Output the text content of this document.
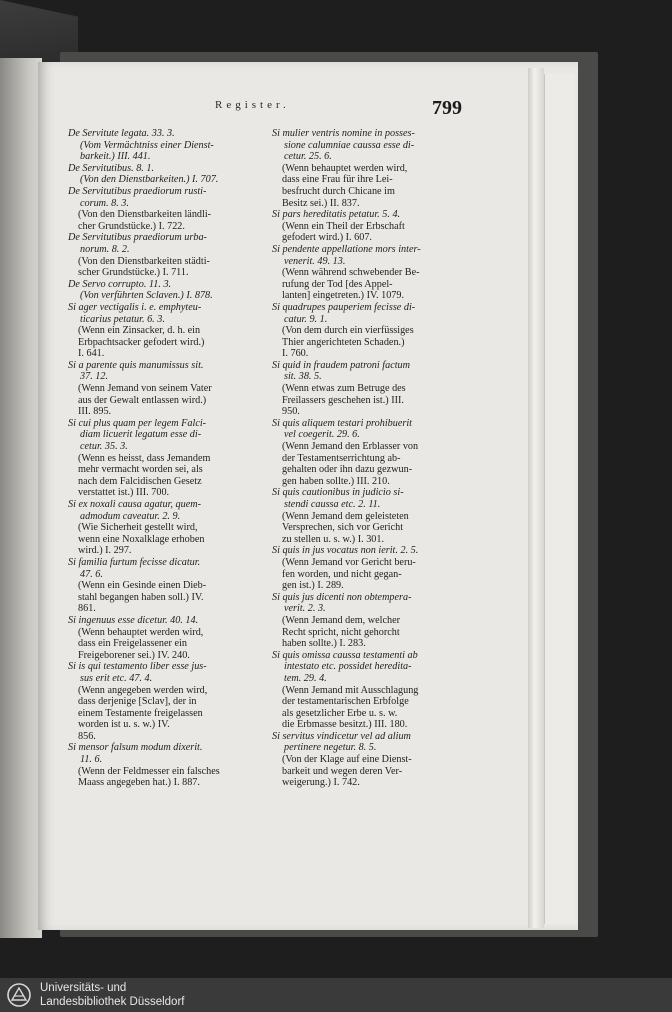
Register.	799
De Servitute legata. 33. 3.
(Vom Vermächtniss einer Dienst-
barkeit.) III. 441.
De Servitutibus. 8. 1.
(Von den Dienstbarkeiten.) I. 707.
De Servitutibus praediorum rusti-
corum. 8. 3.
(Von den Dienstbarkeiten ländli-
cher Grundstücke.) I. 722.
De Servitutibus praediorum urba-
norum. 8. 2.
(Von den Dienstbarkeiten städti-
scher Grundstücke.) I. 711.
De Servo corrupto. 11. 3.
(Von verführten Sclaven.) I. 878.
Si ager vectigalis i. e. emphyteu-
ticarius petatur. 6. 3.
(Wenn ein Zinsacker, d. h. ein
Erbpachtsacker gefodert wird.)
I. 641.
Si a parente quis manumissus sit.
37. 12.
(Wenn Jemand von seinem Vater
aus der Gewalt entlassen wird.)
III. 895.
Si cui plus quam per legem Falci-
diam licuerit legatum esse di-
cetur. 35. 3.
(Wenn es heisst, dass Jemandem
mehr vermacht worden sei, als
nach dem Falcidischen Gesetz
verstattet ist.) III. 700.
Si ex noxali causa agatur, quem-
admodum caveatur. 2. 9.
(Wie Sicherheit gestellt wird,
wenn eine Noxalklage erhoben
wird.) I. 297.
Si familia furtum fecisse dicatur.
47. 6.
(Wenn ein Gesinde einen Dieb-
stahl begangen haben soll.) IV.
861.
Si ingenuus esse dicetur. 40. 14.
(Wenn behauptet werden wird,
dass ein Freigelassener ein
Freigeborener sei.) IV. 240.
Si is qui testamento liber esse jus-
sus erit etc. 47. 4.
(Wenn angegeben werden wird,
dass derjenige [Sclav], der in
einem Testamente freigelassen
worden ist u. s. w.) IV.
856.
Si mensor falsum modum dixerit.
11. 6.
(Wenn der Feldmesser ein falsches
Maass angegeben hat.) I. 887.
Si mulier ventris nomine in posses-
sione calumniae caussa esse di-
cetur. 25. 6.
(Wenn behauptet werden wird,
dass eine Frau für ihre Lei-
besfrucht durch Chicane im
Besitz sei.) II. 837.
Si pars hereditatis petatur. 5. 4.
(Wenn ein Theil der Erbschaft
gefodert wird.) I. 607.
Si pendente appellatione mors inter-
venerit. 49. 13.
(Wenn während schwebender Be-
rufung der Tod [des Appel-
lanten] eingetreten.) IV. 1079.
Si quadrupes pauperiem fecisse di-
catur. 9. 1.
(Von dem durch ein vierfüssiges
Thier angerichteten Schaden.)
I. 760.
Si quid in fraudem patroni factum
sit. 38. 5.
(Wenn etwas zum Betruge des
Freilassers geschehen ist.) III.
950.
Si quis aliquem testari prohibuerit
vel coegerit. 29. 6.
(Wenn Jemand den Erblasser von
der Testamentserrichtung ab-
gehalten oder ihn dazu gezwun-
gen haben sollte.) III. 210.
Si quis cautionibus in judicio si-
stendi caussa etc. 2. 11.
(Wenn Jemand dem geleisteten
Versprechen, sich vor Gericht
zu stellen u. s. w.) I. 301.
Si quis in jus vocatus non ierit. 2. 5.
(Wenn Jemand vor Gericht beru-
fen worden, und nicht gegan-
gen ist.) I. 289.
Si quis jus dicenti non obtempera-
verit. 2. 3.
(Wenn Jemand dem, welcher
Recht spricht, nicht gehorcht
haben sollte.) I. 283.
Si quis omissa caussa testamenti ab
intestato etc. possidet heredita-
tem. 29. 4.
(Wenn Jemand mit Ausschlagung
der testamentarischen Erbfolge
als gesetzlicher Erbe u. s. w.
die Erbmasse besitzt.) III. 180.
Si servitus vindicetur vel ad alium
pertinere negetur. 8. 5.
(Von der Klage auf eine Dienst-
barkeit und wegen deren Ver-
weigerung.) I. 742.
Universitäts- und
Landesbibliothek Düsseldorf
